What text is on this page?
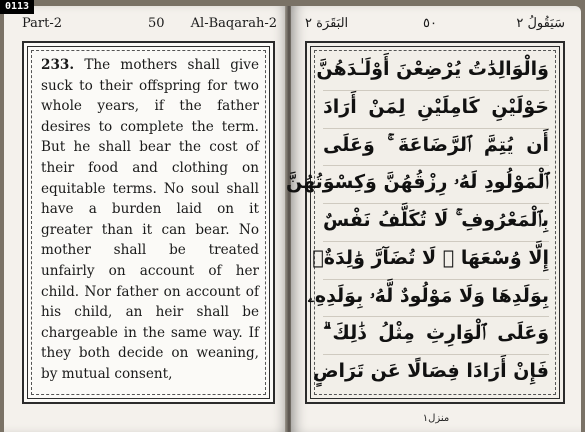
0113
Part-2	50 Al-Baqarah-2
233. The mothers shall give suck to their offspring for two whole years, if the father desires to complete the term. But he shall bear the cost of their food and clothing on equitable terms. No soul shall have a burden laid on it greater than it can bear. No mother shall be treated unfairly on account of her child. Nor father on account of his child, an heir shall be chargeable in the same way. If they both decide on weaning, by mutual consent,
البَقَرَة ٢	٥٠	سَيَقُولُ ٢
وَالْوَالِدَٰتُ يُرْضِعْنَ أَوْلَـٰدَهُنَّ
حَوْلَيْنِ كَامِلَيْنِ لِمَنْ أَرَادَ
أَن يُتِمَّ ٱلرَّضَاعَةَ ۚ وَعَلَى
ٱلْمَوْلُودِ لَهُۥ رِزْقُهُنَّ وَكِسْوَتُهُنَّ
بِٱلْمَعْرُوفِ ۚ لَا تُكَلَّفُ نَفْسٌ
إِلَّا وُسْعَهَا ۚ لَا تُضَآرَّ وَٰلِدَةٌۢ
بِوَلَدِهَا وَلَا مَوْلُودٌ لَّهُۥ بِوَلَدِهِۦ
وَعَلَى ٱلْوَارِثِ مِثْلُ ذَٰلِكَ ۗ
فَإِنْ أَرَادَا فِصَالًا عَن تَرَاضٍ
منزل١
